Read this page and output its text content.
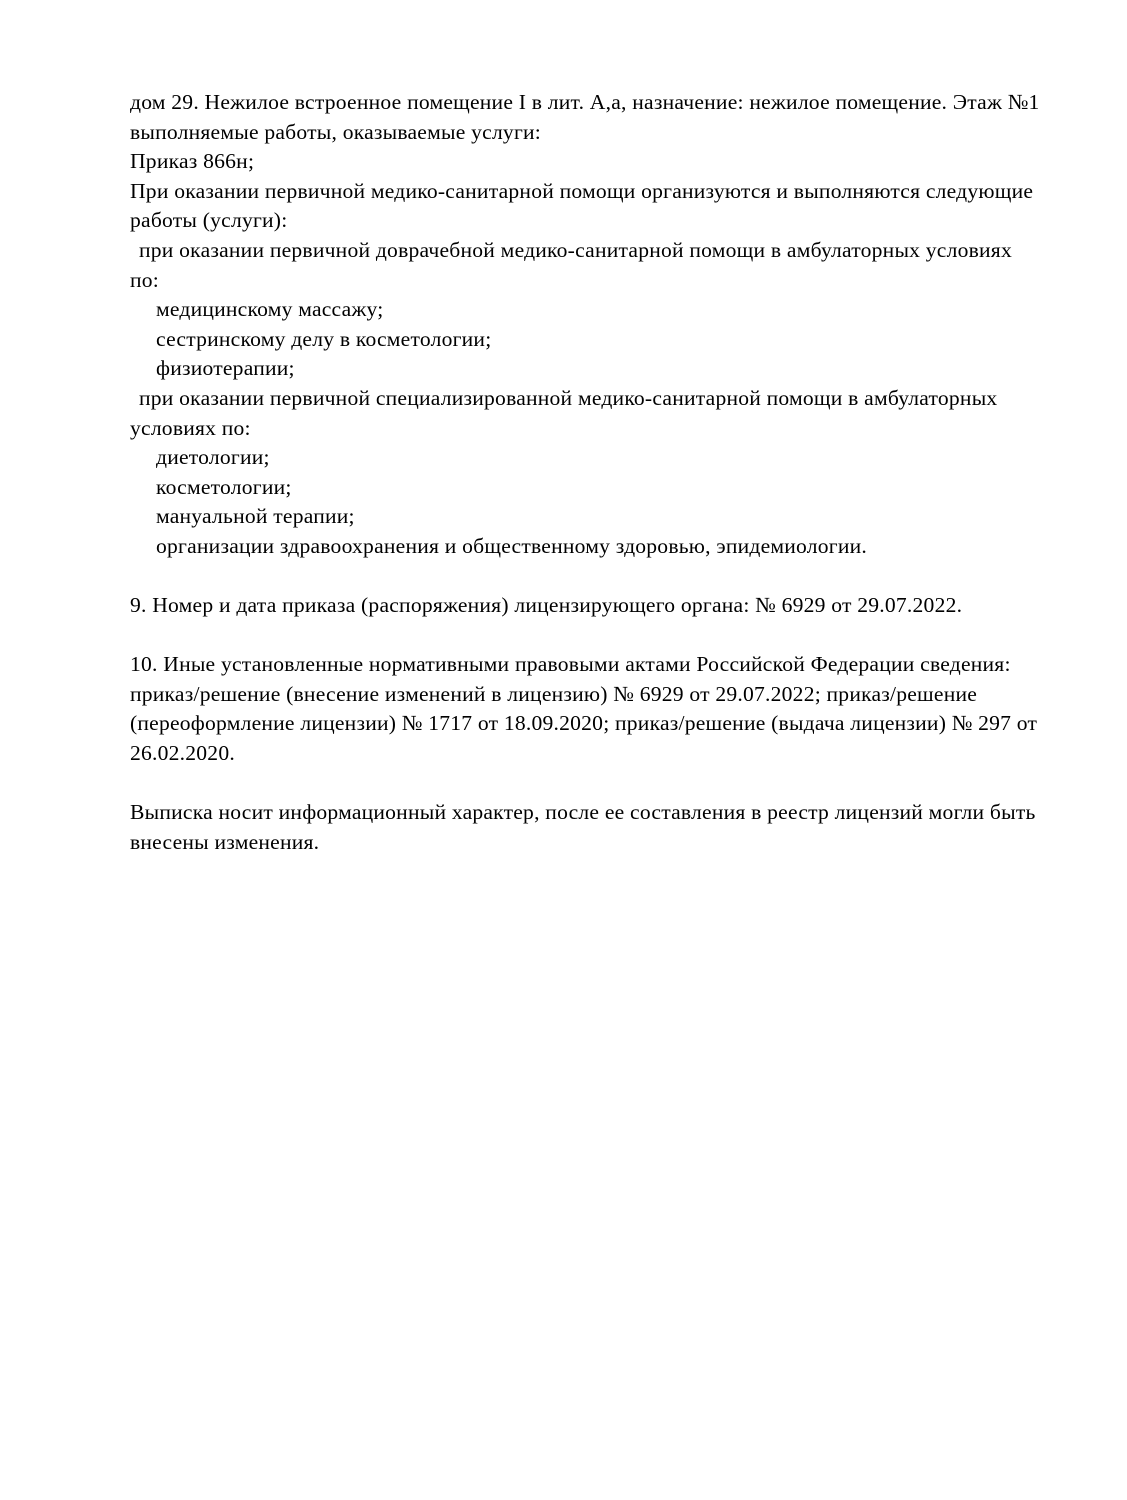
дом 29. Нежилое встроенное помещение I в лит. А,а, назначение: нежилое помещение. Этаж №1
выполняемые работы, оказываемые услуги:
Приказ 866н;
При оказании первичной медико-санитарной помощи организуются и выполняются следующие
работы (услуги):
при оказании первичной доврачебной медико-санитарной помощи в амбулаторных условиях
по:
медицинскому массажу;
сестринскому делу в косметологии;
физиотерапии;
при оказании первичной специализированной медико-санитарной помощи в амбулаторных
условиях по:
диетологии;
косметологии;
мануальной терапии;
организации здравоохранения и общественному здоровью, эпидемиологии.
9. Номер и дата приказа (распоряжения) лицензирующего органа: № 6929 от 29.07.2022.
10. Иные установленные нормативными правовыми актами Российской Федерации сведения:
приказ/решение (внесение изменений в лицензию) № 6929 от 29.07.2022; приказ/решение
(переоформление лицензии) № 1717 от 18.09.2020; приказ/решение (выдача лицензии) № 297 от
26.02.2020.
Выписка носит информационный характер, после ее составления в реестр лицензий могли быть
внесены изменения.
